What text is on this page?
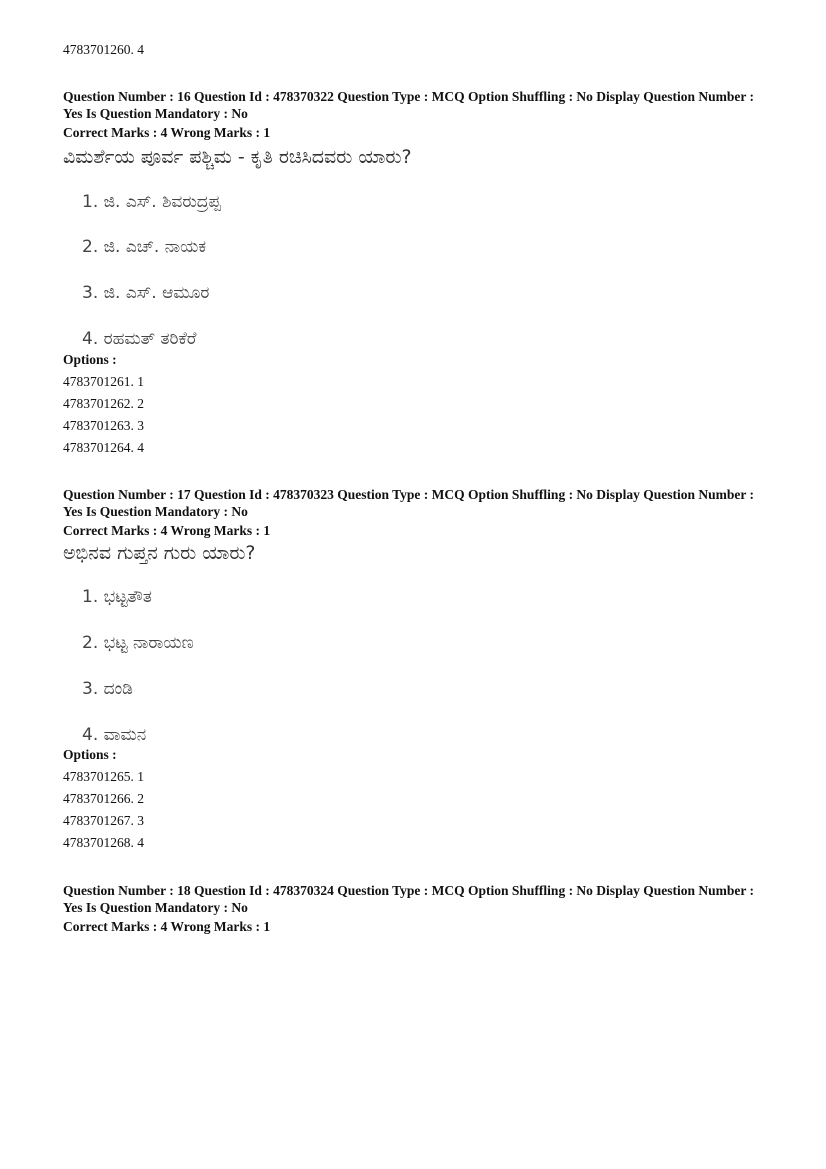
4783701260. 4
Question Number : 16 Question Id : 478370322 Question Type : MCQ Option Shuffling : No Display Question Number : Yes Is Question Mandatory : No
Correct Marks : 4 Wrong Marks : 1
ವಿಮರ್ಶೆಯ ಪೂರ್ವ ಪಶ್ಚಿಮ - ಕೃತಿ ರಚಿಸಿದವರು ಯಾರು?
1. ಜಿ. ಎಸ್. ಶಿವರುದ್ರಪ್ಪ
2. ಜಿ. ಎಚ್. ನಾಯಕ
3. ಜಿ. ಎಸ್. ಆಮೂರ
4. ರಹಮತ್ ತರಿಕೆರೆ
Options :
4783701261. 1
4783701262. 2
4783701263. 3
4783701264. 4
Question Number : 17 Question Id : 478370323 Question Type : MCQ Option Shuffling : No Display Question Number : Yes Is Question Mandatory : No
Correct Marks : 4 Wrong Marks : 1
ಅಭಿನವ ಗುಪ್ತನ ಗುರು ಯಾರು?
1. ಭಟ್ಟತೌತ
2. ಭಟ್ಟ ನಾರಾಯಣ
3. ದಂಡಿ
4. ವಾಮನ
Options :
4783701265. 1
4783701266. 2
4783701267. 3
4783701268. 4
Question Number : 18 Question Id : 478370324 Question Type : MCQ Option Shuffling : No Display Question Number : Yes Is Question Mandatory : No
Correct Marks : 4 Wrong Marks : 1
